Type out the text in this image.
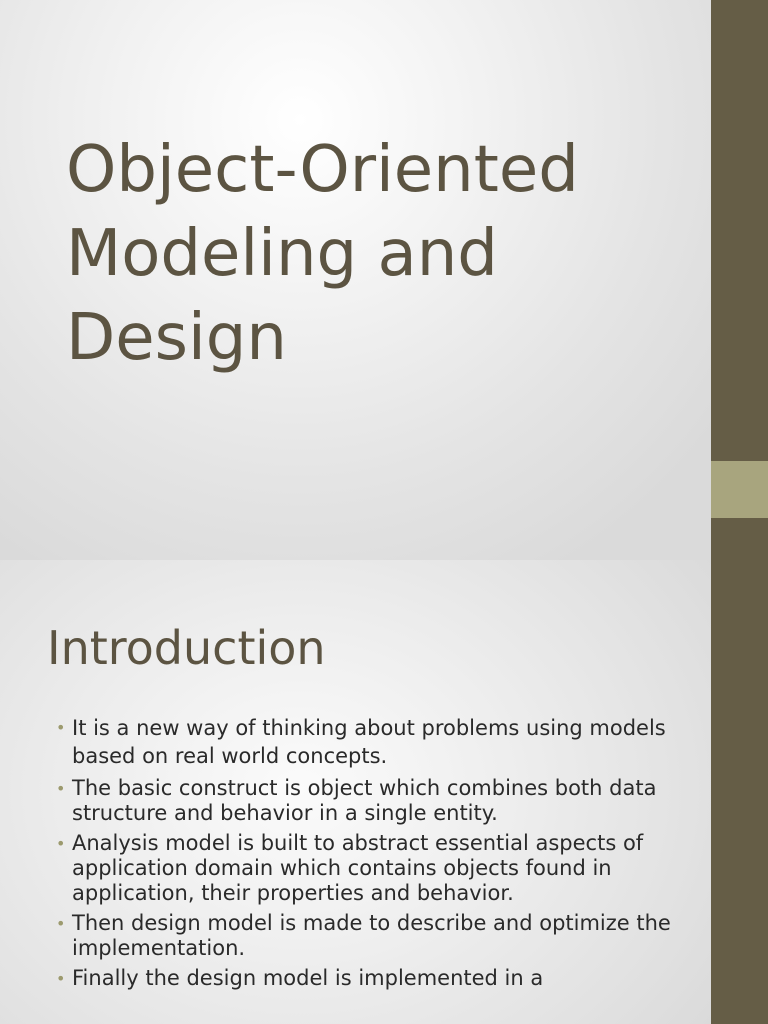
Object-Oriented Modeling and Design
Introduction
• It is a new way of thinking about problems using models based on real world concepts.
• The basic construct is object which combines both data structure and behavior in a single entity.
• Analysis model is built to abstract essential aspects of application domain which contains objects found in application, their properties and behavior.
• Then design model is made to describe and optimize the implementation.
• Finally the design model is implemented in a
